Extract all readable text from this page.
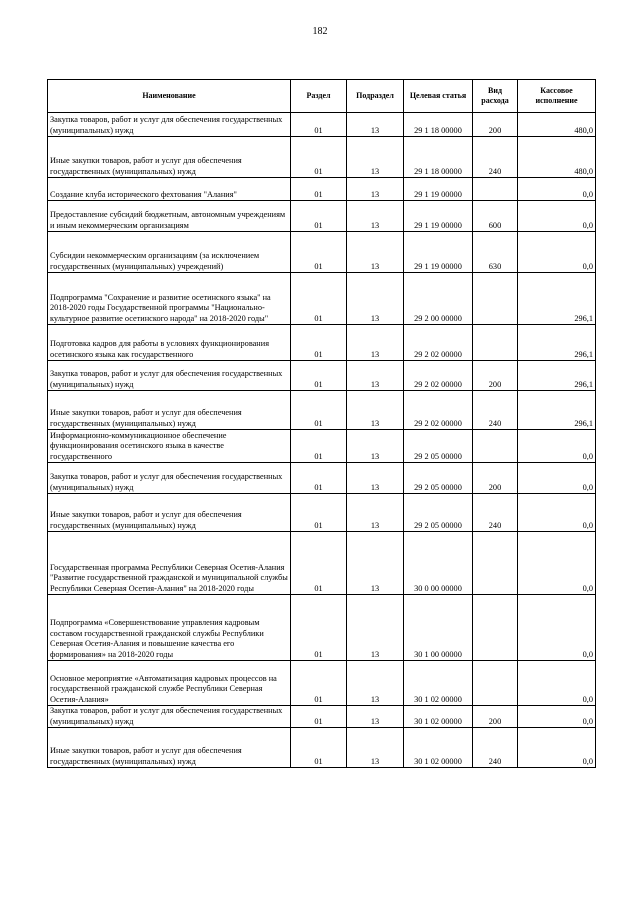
182
Наименование	Раздел	Подраздел	Целевая статья	Вид расхода	Кассовое исполнение
Закупка товаров, работ и услуг для обеспечения государственных (муниципальных) нужд	01	13	29 1 18 00000	200	480,0
Иные закупки товаров, работ и услуг для обеспечения государственных (муниципальных) нужд	01	13	29 1 18 00000	240	480,0
Создание клуба исторического фехтования "Алания"	01	13	29 1 19 00000		0,0
Предоставление субсидий бюджетным, автономным учреждениям и иным некоммерческим организациям	01	13	29 1 19 00000	600	0,0
Субсидии некоммерческим организациям (за исключением государственных (муниципальных) учреждений)	01	13	29 1 19 00000	630	0,0
Подпрограмма "Сохранение и развитие осетинского языка" на 2018-2020 годы Государственной программы "Национально-культурное развитие осетинского народа" на 2018-2020 годы"	01	13	29 2 00 00000		296,1
Подготовка кадров для работы в условиях функционирования осетинского языка как государственного	01	13	29 2 02 00000		296,1
Закупка товаров, работ и услуг для обеспечения государственных (муниципальных) нужд	01	13	29 2 02 00000	200	296,1
Иные закупки товаров, работ и услуг для обеспечения государственных (муниципальных) нужд	01	13	29 2 02 00000	240	296,1
Информационно-коммуникационное обеспечение функционирования осетинского языка в качестве государственного	01	13	29 2 05 00000		0,0
Закупка товаров, работ и услуг для обеспечения государственных (муниципальных) нужд	01	13	29 2 05 00000	200	0,0
Иные закупки товаров, работ и услуг для обеспечения государственных (муниципальных) нужд	01	13	29 2 05 00000	240	0,0
Государственная программа Республики Северная Осетия-Алания "Развитие государственной гражданской и муниципальной службы Республики Северная Осетия-Алания" на 2018-2020 годы	01	13	30 0 00 00000		0,0
Подпрограмма «Совершенствование управления кадровым составом государственной гражданской службы Республики Северная Осетия-Алания и повышение качества его формирования» на 2018-2020 годы	01	13	30 1 00 00000		0,0
Основное мероприятие «Автоматизация кадровых процессов на государственной гражданской службе Республики Северная Осетия-Алания»	01	13	30 1 02 00000		0,0
Закупка товаров, работ и услуг для обеспечения государственных (муниципальных) нужд	01	13	30 1 02 00000	200	0,0
Иные закупки товаров, работ и услуг для обеспечения государственных (муниципальных) нужд	01	13	30 1 02 00000	240	0,0
